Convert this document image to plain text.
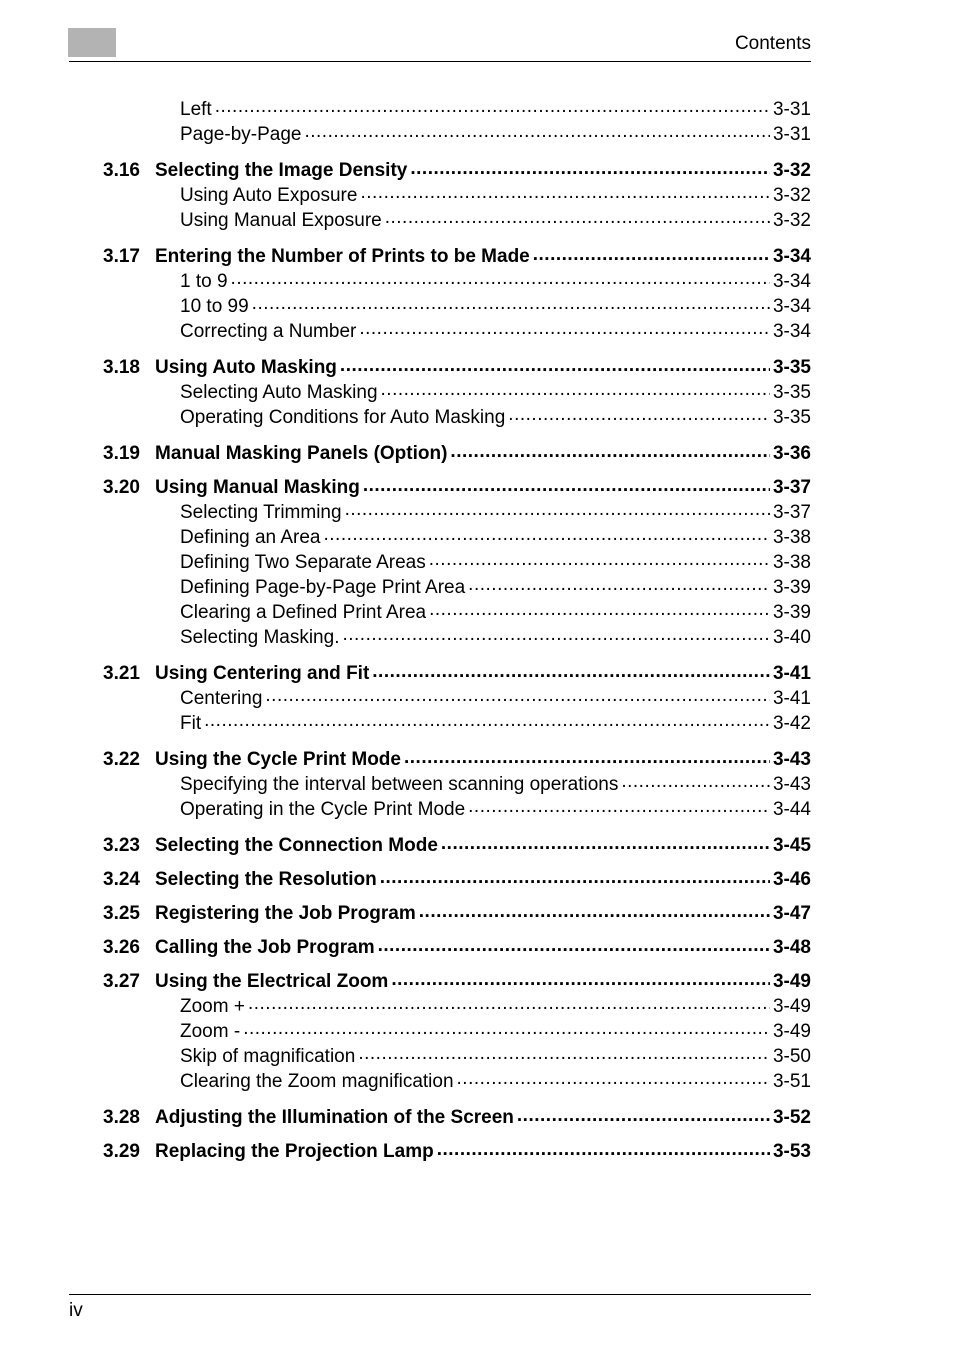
Contents
Left .....	3-31
Page-by-Page .....	3-31
3.16 Selecting the Image Density .....	3-32
Using Auto Exposure .....	3-32
Using Manual Exposure .....	3-32
3.17 Entering the Number of Prints to be Made .....	3-34
1 to 9 .....	3-34
10 to 99 .....	3-34
Correcting a Number .....	3-34
3.18 Using Auto Masking .....	3-35
Selecting Auto Masking .....	3-35
Operating Conditions for Auto Masking .....	3-35
3.19 Manual Masking Panels (Option) .....	3-36
3.20 Using Manual Masking .....	3-37
Selecting Trimming .....	3-37
Defining an Area .....	3-38
Defining Two Separate Areas .....	3-38
Defining Page-by-Page Print Area .....	3-39
Clearing a Defined Print Area .....	3-39
Selecting Masking. .....	3-40
3.21 Using Centering and Fit .....	3-41
Centering .....	3-41
Fit .....	3-42
3.22 Using the Cycle Print Mode .....	3-43
Specifying the interval between scanning operations .....	3-43
Operating in the Cycle Print Mode .....	3-44
3.23 Selecting the Connection Mode .....	3-45
3.24 Selecting the Resolution .....	3-46
3.25 Registering the Job Program .....	3-47
3.26 Calling the Job Program .....	3-48
3.27 Using the Electrical Zoom .....	3-49
Zoom + .....	3-49
Zoom - .....	3-49
Skip of magnification .....	3-50
Clearing the Zoom magnification .....	3-51
3.28 Adjusting the Illumination of the Screen .....	3-52
3.29 Replacing the Projection Lamp .....	3-53
iv
